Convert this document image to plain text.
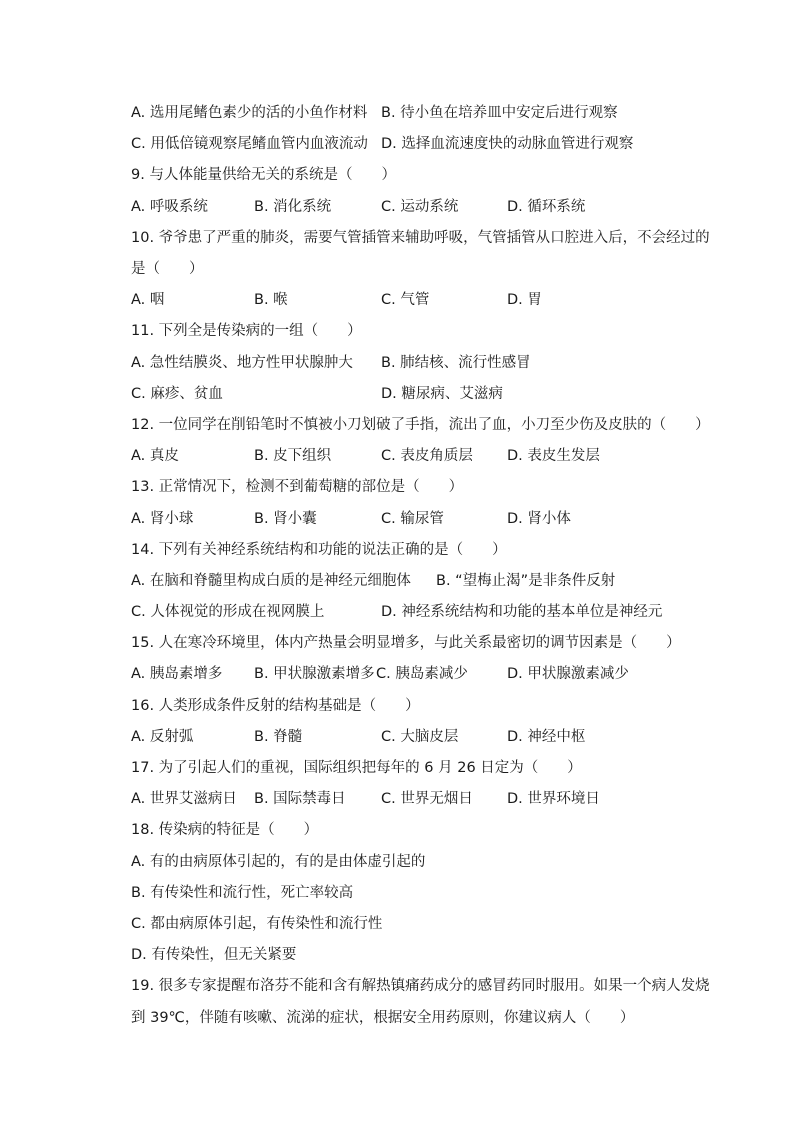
A. 选用尾鳍色素少的活的小鱼作材料 B. 待小鱼在培养皿中安定后进行观察
C. 用低倍镜观察尾鳍血管内血液流动 D. 选择血流速度快的动脉血管进行观察
9. 与人体能量供给无关的系统是（　　）
A. 呼吸系统	B. 消化系统	C. 运动系统	D. 循环系统
10. 爷爷患了严重的肺炎，需要气管插管来辅助呼吸，气管插管从口腔进入后，不会经过的
是（　　）
A. 咽	B. 喉	C. 气管	D. 胃
11. 下列全是传染病的一组（　　）
A. 急性结膜炎、地方性甲状腺肿大 B. 肺结核、流行性感冒
C. 麻疹、贫血	D. 糖尿病、艾滋病
12. 一位同学在削铅笔时不慎被小刀划破了手指，流出了血，小刀至少伤及皮肤的（　　）
A. 真皮	B. 皮下组织	C. 表皮角质层 D. 表皮生发层
13. 正常情况下，检测不到葡萄糖的部位是（　　）
A. 肾小球	B. 肾小囊	C. 输尿管	D. 肾小体
14. 下列有关神经系统结构和功能的说法正确的是（　　）
A. 在脑和脊髓里构成白质的是神经元细胞体 B. “望梅止渴”是非条件反射
C. 人体视觉的形成在视网膜上	D. 神经系统结构和功能的基本单位是神经元
15. 人在寒冷环境里，体内产热量会明显增多，与此关系最密切的调节因素是（　　）
A. 胰岛素增多 B. 甲状腺激素增多 C. 胰岛素减少	D. 甲状腺激素减少
16. 人类形成条件反射的结构基础是（　　）
A. 反射弧	B. 脊髓	C. 大脑皮层	D. 神经中枢
17. 为了引起人们的重视，国际组织把每年的 6 月 26 日定为（　　）
A. 世界艾滋病日 B. 国际禁毒日 C. 世界无烟日 D. 世界环境日
18. 传染病的特征是（　　）
A. 有的由病原体引起的，有的是由体虚引起的
B. 有传染性和流行性，死亡率较高
C. 都由病原体引起，有传染性和流行性
D. 有传染性，但无关紧要
19. 很多专家提醒布洛芬不能和含有解热镇痛药成分的感冒药同时服用。如果一个病人发烧
到 39℃，伴随有咳嗽、流涕的症状，根据安全用药原则，你建议病人（　　）
